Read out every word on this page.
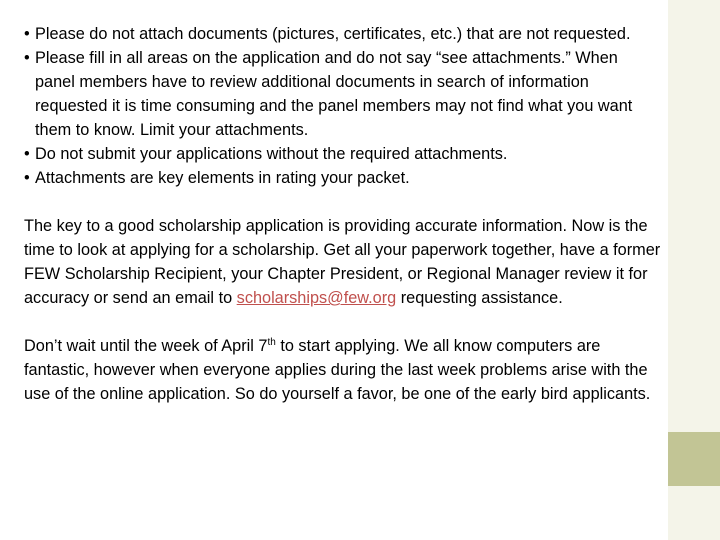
• Please do not attach documents (pictures, certificates, etc.) that are not requested.
• Please fill in all areas on the application and do not say “see attachments.” When panel members have to review additional documents in search of information requested it is time consuming and the panel members may not find what you want them to know. Limit your attachments.
• Do not submit your applications without the required attachments.
• Attachments are key elements in rating your packet.

The key to a good scholarship application is providing accurate information. Now is the time to look at applying for a scholarship. Get all your paperwork together, have a former FEW Scholarship Recipient, your Chapter President, or Regional Manager review it for accuracy or send an email to scholarships@few.org requesting assistance.

Don’t wait until the week of April 7th to start applying. We all know computers are fantastic, however when everyone applies during the last week problems arise with the use of the online application. So do yourself a favor, be one of the early bird applicants.
